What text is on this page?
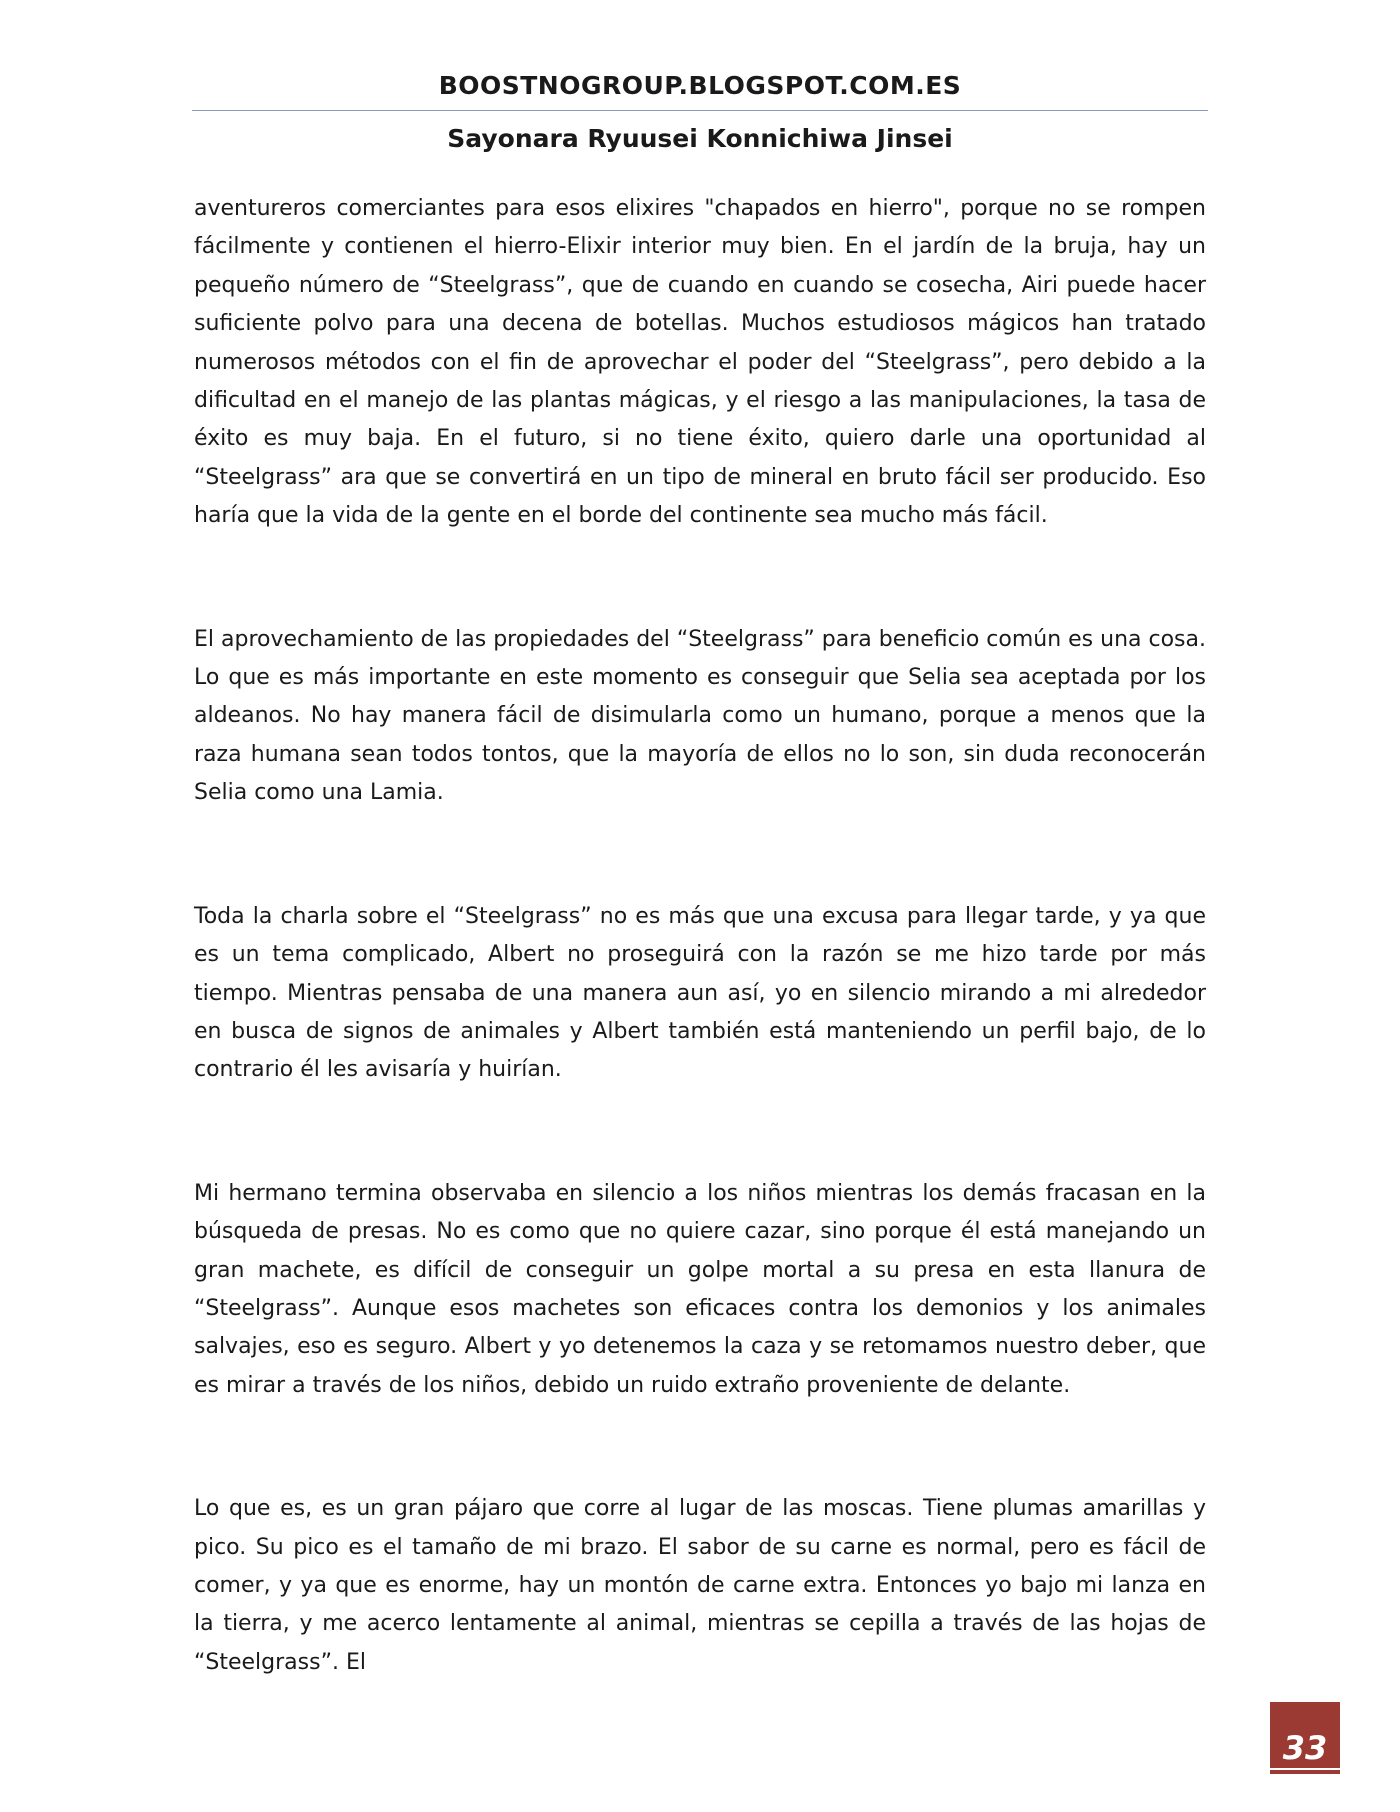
BOOSTNOGROUP.BLOGSPOT.COM.ES
Sayonara Ryuusei Konnichiwa Jinsei

aventureros comerciantes para esos elixires "chapados en hierro", porque no se rompen fácilmente y contienen el hierro-Elixir interior muy bien. En el jardín de la bruja, hay un pequeño número de “Steelgrass”, que de cuando en cuando se cosecha, Airi puede hacer suficiente polvo para una decena de botellas. Muchos estudiosos mágicos han tratado numerosos métodos con el fin de aprovechar el poder del “Steelgrass”, pero debido a la dificultad en el manejo de las plantas mágicas, y el riesgo a las manipulaciones, la tasa de éxito es muy baja. En el futuro, si no tiene éxito, quiero darle una oportunidad al “Steelgrass” ara que se convertirá en un tipo de mineral en bruto fácil ser producido. Eso haría que la vida de la gente en el borde del continente sea mucho más fácil.

El aprovechamiento de las propiedades del “Steelgrass” para beneficio común es una cosa. Lo que es más importante en este momento es conseguir que Selia sea aceptada por los aldeanos. No hay manera fácil de disimularla como un humano, porque a menos que la raza humana sean todos tontos, que la mayoría de ellos no lo son, sin duda reconocerán Selia como una Lamia.

Toda la charla sobre el “Steelgrass” no es más que una excusa para llegar tarde, y ya que es un tema complicado, Albert no proseguirá con la razón se me hizo tarde por más tiempo. Mientras pensaba de una manera aun así, yo en silencio mirando a mi alrededor en busca de signos de animales y Albert también está manteniendo un perfil bajo, de lo contrario él les avisaría y huirían.

Mi hermano termina observaba en silencio a los niños mientras los demás fracasan en la búsqueda de presas. No es como que no quiere cazar, sino porque él está manejando un gran machete, es difícil de conseguir un golpe mortal a su presa en esta llanura de “Steelgrass”. Aunque esos machetes son eficaces contra los demonios y los animales salvajes, eso es seguro. Albert y yo detenemos la caza y se retomamos nuestro deber, que es mirar a través de los niños, debido un ruido extraño proveniente de delante.

Lo que es, es un gran pájaro que corre al lugar de las moscas. Tiene plumas amarillas y pico. Su pico es el tamaño de mi brazo. El sabor de su carne es normal, pero es fácil de comer, y ya que es enorme, hay un montón de carne extra. Entonces yo bajo mi lanza en la tierra, y me acerco lentamente al animal, mientras se cepilla a través de las hojas de “Steelgrass”. El

33
